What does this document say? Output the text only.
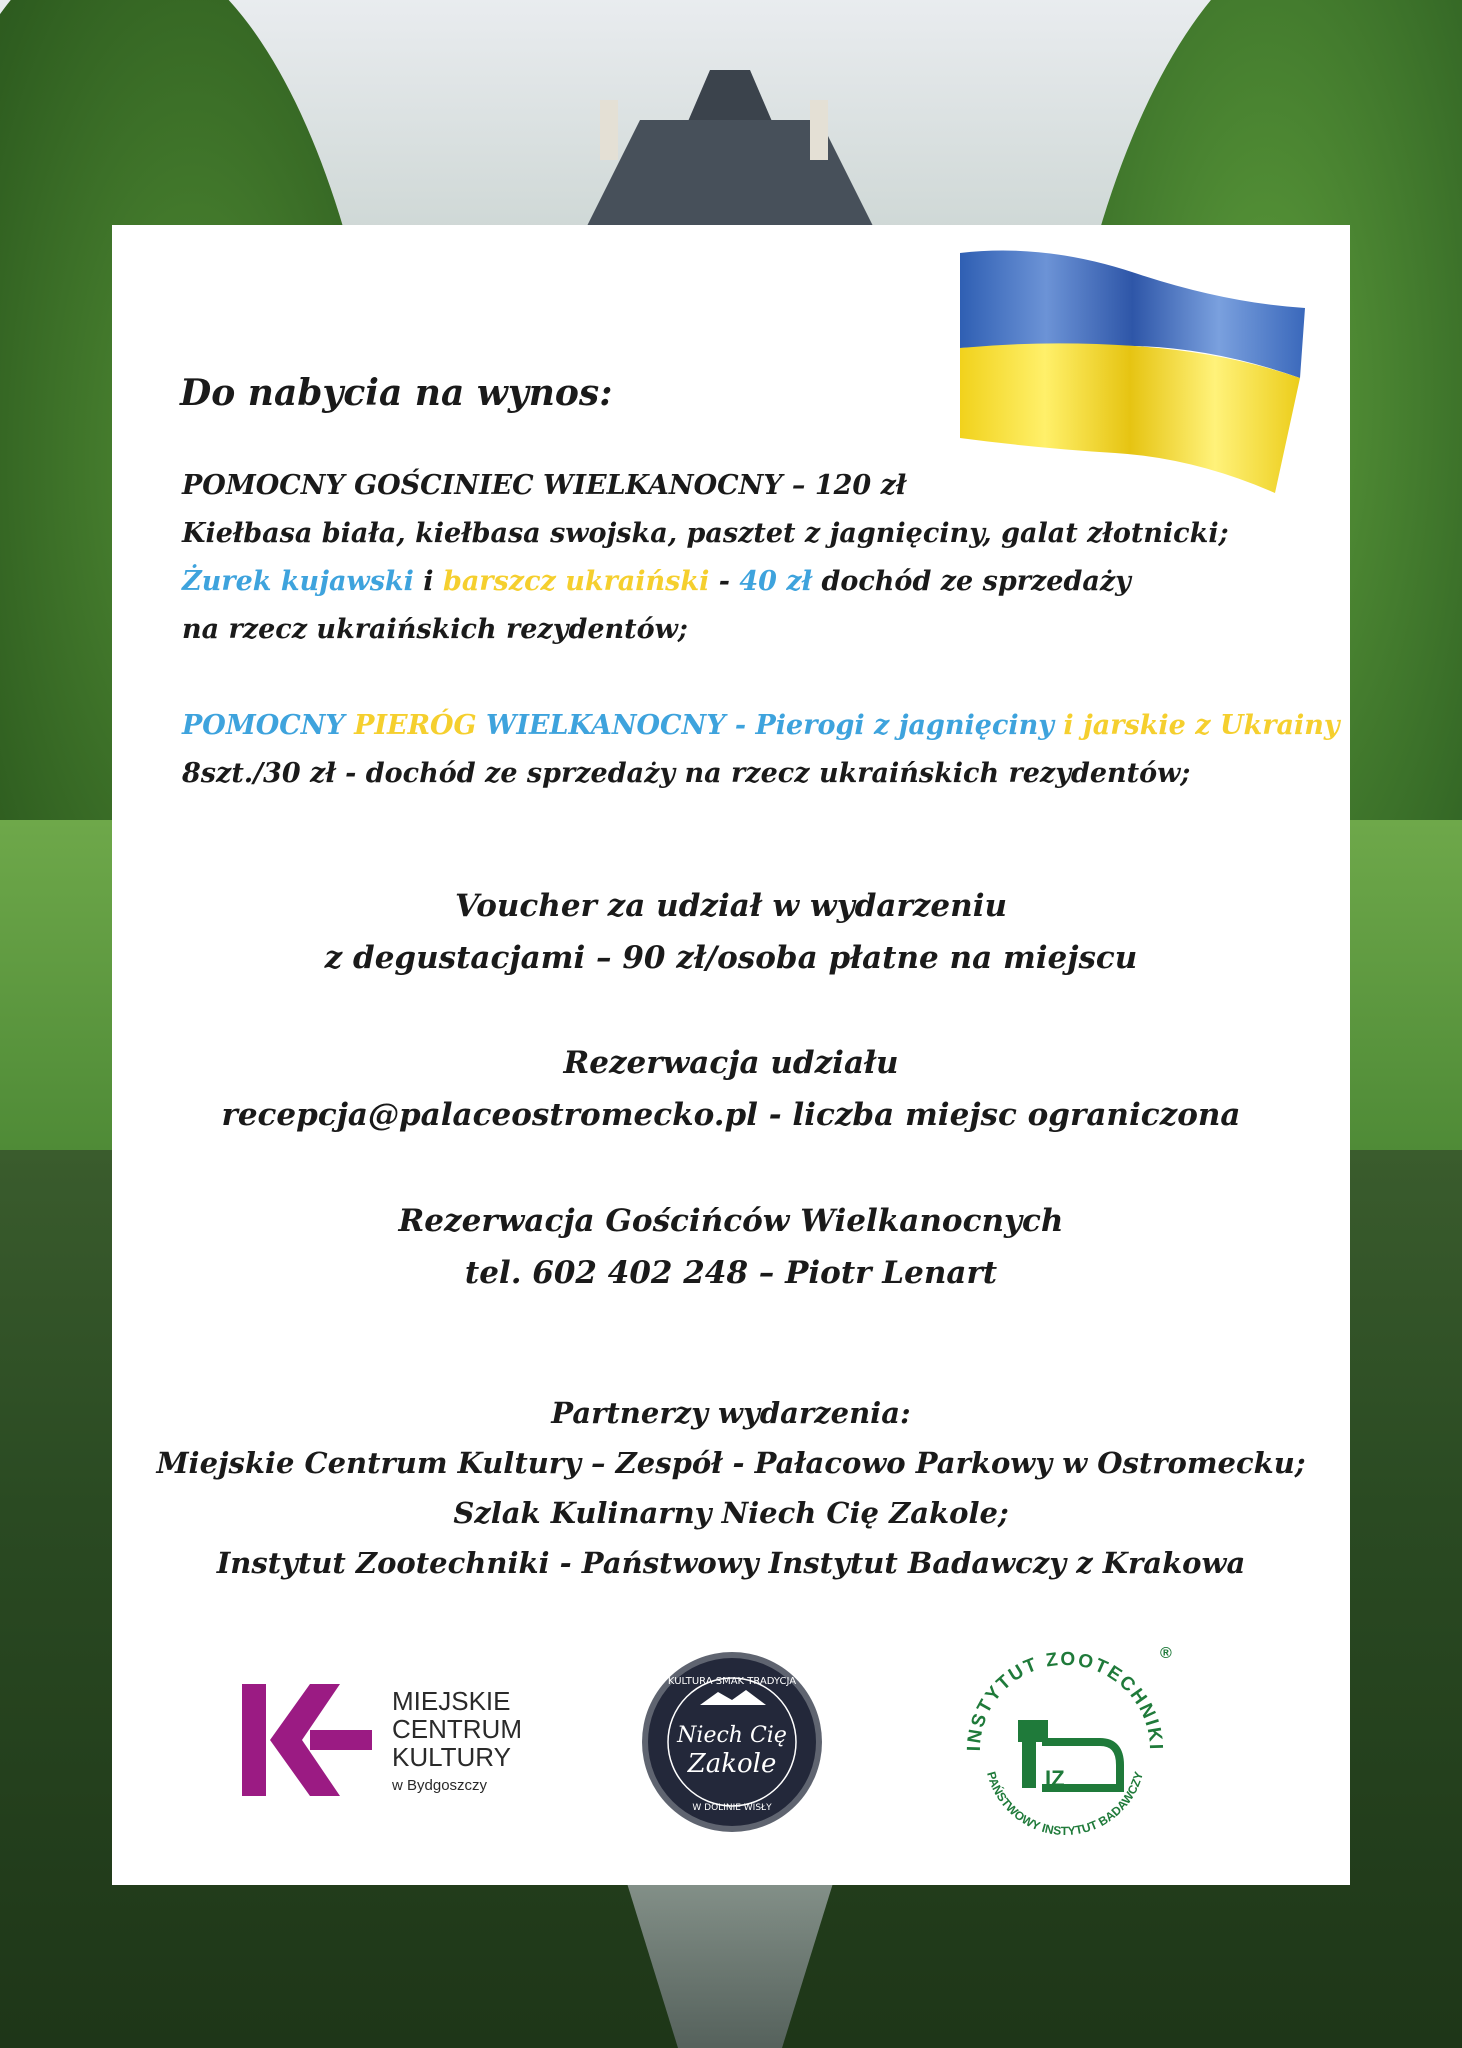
Do nabycia na wynos:
POMOCNY GOŚCINIEC WIELKANOCNY – 120 zł
Kiełbasa biała, kiełbasa swojska, pasztet z jagnięciny, galat złotnicki;
Żurek kujawski i barszcz ukraiński - 40 zł dochód ze sprzedaży
na rzecz ukraińskich rezydentów;
POMOCNY PIERÓG WIELKANOCNY - Pierogi z jagnięciny i jarskie z Ukrainy
8szt./30 zł - dochód ze sprzedaży na rzecz ukraińskich rezydentów;
Voucher za udział w wydarzeniu
z degustacjami – 90 zł/osoba płatne na miejscu
Rezerwacja udziału
recepcja@palaceostromecko.pl - liczba miejsc ograniczona
Rezerwacja Gościńców Wielkanocnych
tel. 602 402 248 – Piotr Lenart
Partnerzy wydarzenia:
Miejskie Centrum Kultury – Zespół - Pałacowo Parkowy w Ostromecku;
Szlak Kulinarny Niech Cię Zakole;
Instytut Zootechniki - Państwowy Instytut Badawczy z Krakowa
MIEJSKIE
CENTRUM
KULTURY
w Bydgoszczy
KULTURA SMAK TRADYCJA
Niech Cię
Zakole
W DOLINIE WISŁY
INSTYTUT ZOOTECHNIKI
PAŃSTWOWY INSTYTUT BADAWCZY
®
IZ
